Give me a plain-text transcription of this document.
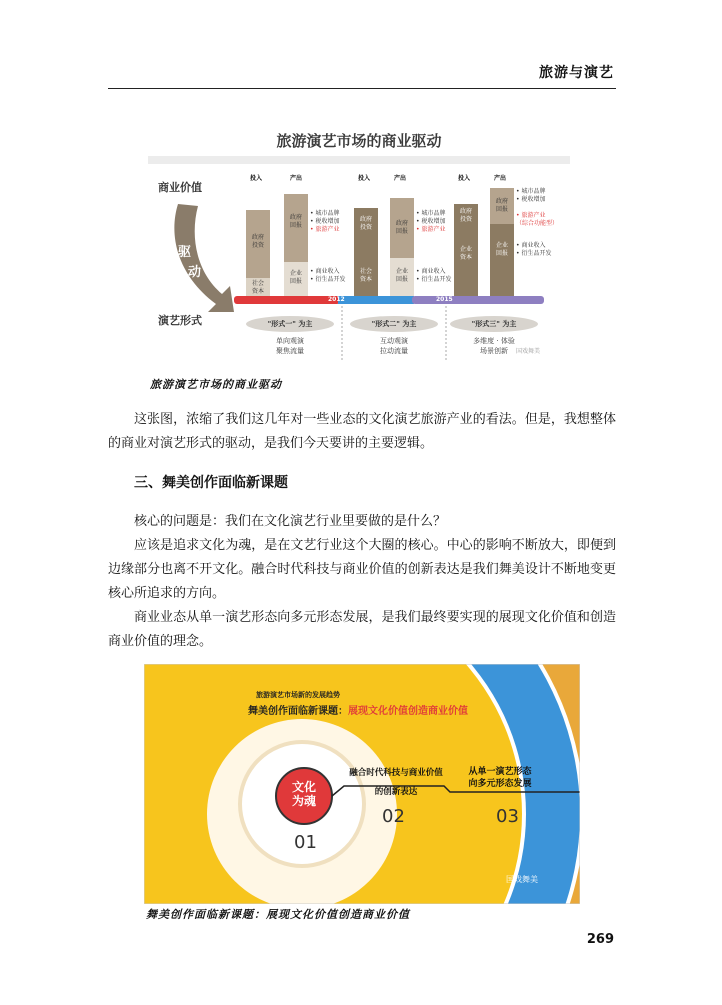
旅游与演艺
旅游演艺市场的商业驱动
商业价值
演艺形式
驱
动
投入	产出	投入	产出	投入	产出
政府
投资
社会
资本
政府
回报
企业
回报
政府
投资
社会
资本
政府
回报
企业
回报
政府
投资
企业
资本
政府
回报
企业
回报
• 城市品牌
• 税收增加
• 旅游产业
• 商业收入
• 衍生品开发
• 城市品牌
• 税收增加
• 旅游产业
• 商业收入
• 衍生品开发
• 城市品牌
• 税收增加
• 旅游产业
（综合功能型）
• 商业收入
• 衍生品开发
2012	2015
"形式一" 为主
单向观演
聚焦流量
"形式二" 为主
互动观演
拉动流量
"形式三" 为主
多维度 · 体验
场景创新	国戏舞美
旅游演艺市场的商业驱动

这张图，浓缩了我们这几年对一些业态的文化演艺旅游产业的看法。但是，我想整体的商业对演艺形式的驱动，是我们今天要讲的主要逻辑。

三、舞美创作面临新课题

核心的问题是：我们在文化演艺行业里要做的是什么？

应该是追求文化为魂，是在文艺行业这个大圈的核心。中心的影响不断放大，即便到边缘部分也离不开文化。融合时代科技与商业价值的创新表达是我们舞美设计不断地变更核心所追求的方向。

商业业态从单一演艺形态向多元形态发展，是我们最终要实现的展现文化价值和创造商业价值的理念。

旅游演艺市场新的发展趋势
舞美创作面临新课题：展现文化价值创造商业价值
文化
为魂
01
02	03
融合时代科技与商业价值
的创新表达
从单一演艺形态
向多元形态发展
国戏舞美
舞美创作面临新课题：展现文化价值创造商业价值
269
